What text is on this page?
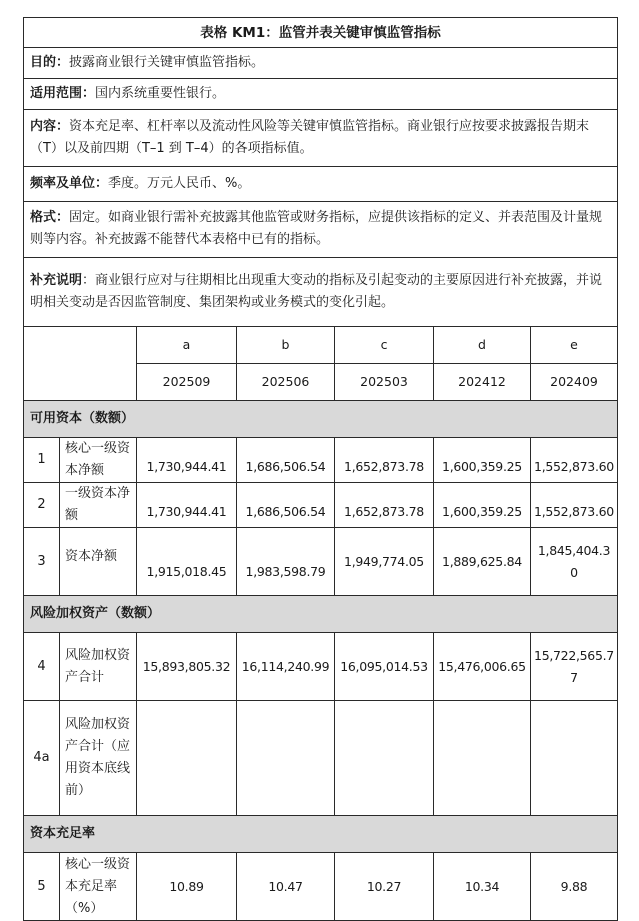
表格 KM1：监管并表关键审慎监管指标						
目的：披露商业银行关键审慎监管指标。						
适用范围：国内系统重要性银行。						
内容：资本充足率、杠杆率以及流动性风险等关键审慎监管指标。商业银行应按要求披露报告期末（T）以及前四期（T–1 到 T–4）的各项指标值。						
频率及单位：季度。万元人民币、%。						
格式：固定。如商业银行需补充披露其他监管或财务指标，应提供该指标的定义、并表范围及计量规则等内容。补充披露不能替代本表格中已有的指标。						
补充说明：商业银行应对与往期相比出现重大变动的指标及引起变动的主要原因进行补充披露，并说明相关变动是否因监管制度、集团架构或业务模式的变化引起。						
		a	b	c	d	e
		202509	202506	202503	202412	202409
可用资本（数额）						
1	核心一级资本净额	1,730,944.41	1,686,506.54	1,652,873.78	1,600,359.25	1,552,873.60
2	一级资本净额	1,730,944.41	1,686,506.54	1,652,873.78	1,600,359.25	1,552,873.60
3	资本净额	1,915,018.45	1,983,598.79	1,949,774.05	1,889,625.84	1,845,404.30
风险加权资产（数额）						
4	风险加权资产合计	15,893,805.32	16,114,240.99	16,095,014.53	15,476,006.65	15,722,565.77
4a	风险加权资产合计（应用资本底线前）					
资本充足率						
5	核心一级资本充足率（%）	10.89	10.47	10.27	10.34	9.88
